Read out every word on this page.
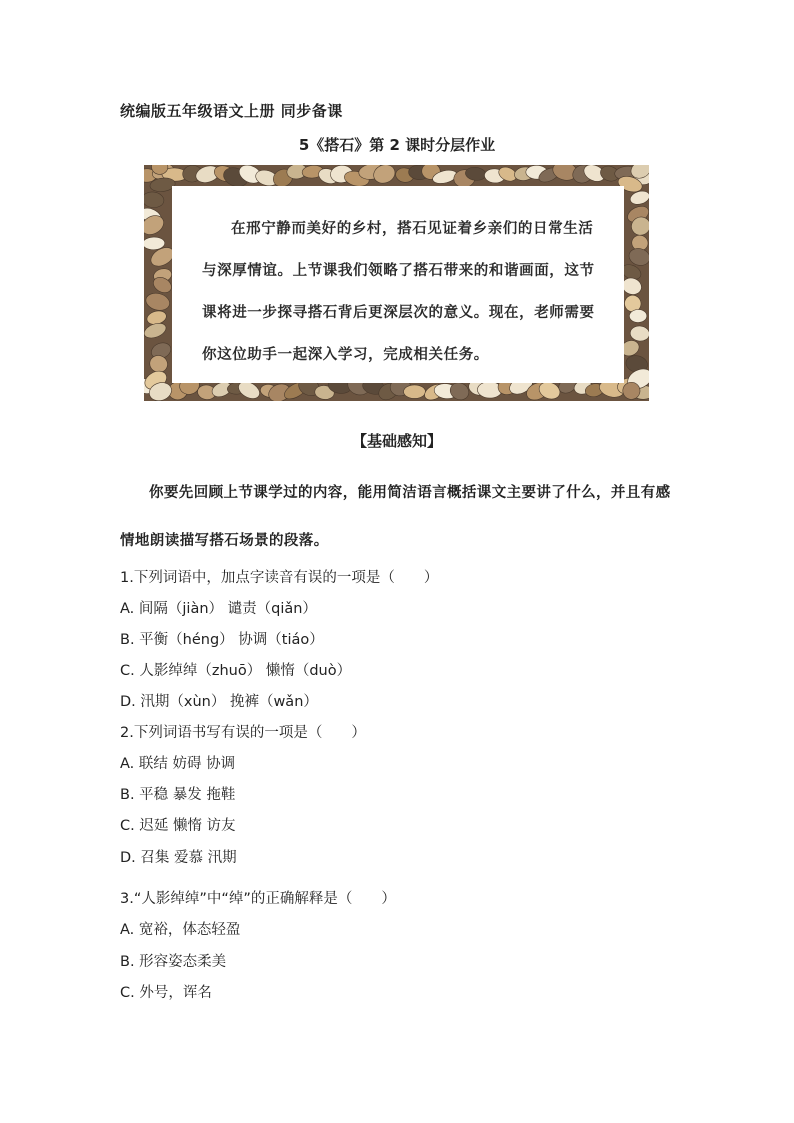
统编版五年级语文上册 同步备课
5《搭石》第 2 课时分层作业

在邢宁静而美好的乡村，搭石见证着乡亲们的日常生活与深厚情谊。上节课我们领略了搭石带来的和谐画面，这节课将进一步探寻搭石背后更深层次的意义。现在，老师需要你这位助手一起深入学习，完成相关任务。

【基础感知】

你要先回顾上节课学过的内容，能用简洁语言概括课文主要讲了什么，并且有感情地朗读描写搭石场景的段落。

1.下列词语中，加点字读音有误的一项是（　　）
A. 间隔（jiàn） 谴责（qiǎn）
B. 平衡（héng） 协调（tiáo）
C. 人影绰绰（zhuō） 懒惰（duò）
D. 汛期（xùn） 挽裤（wǎn）
2.下列词语书写有误的一项是（　　）
A. 联结 妨碍 协调
B. 平稳 暴发 拖鞋
C. 迟延 懒惰 访友
D. 召集 爱慕 汛期
3.“人影绰绰”中“绰”的正确解释是（　　）
A. 宽裕，体态轻盈
B. 形容姿态柔美
C. 外号，诨名
